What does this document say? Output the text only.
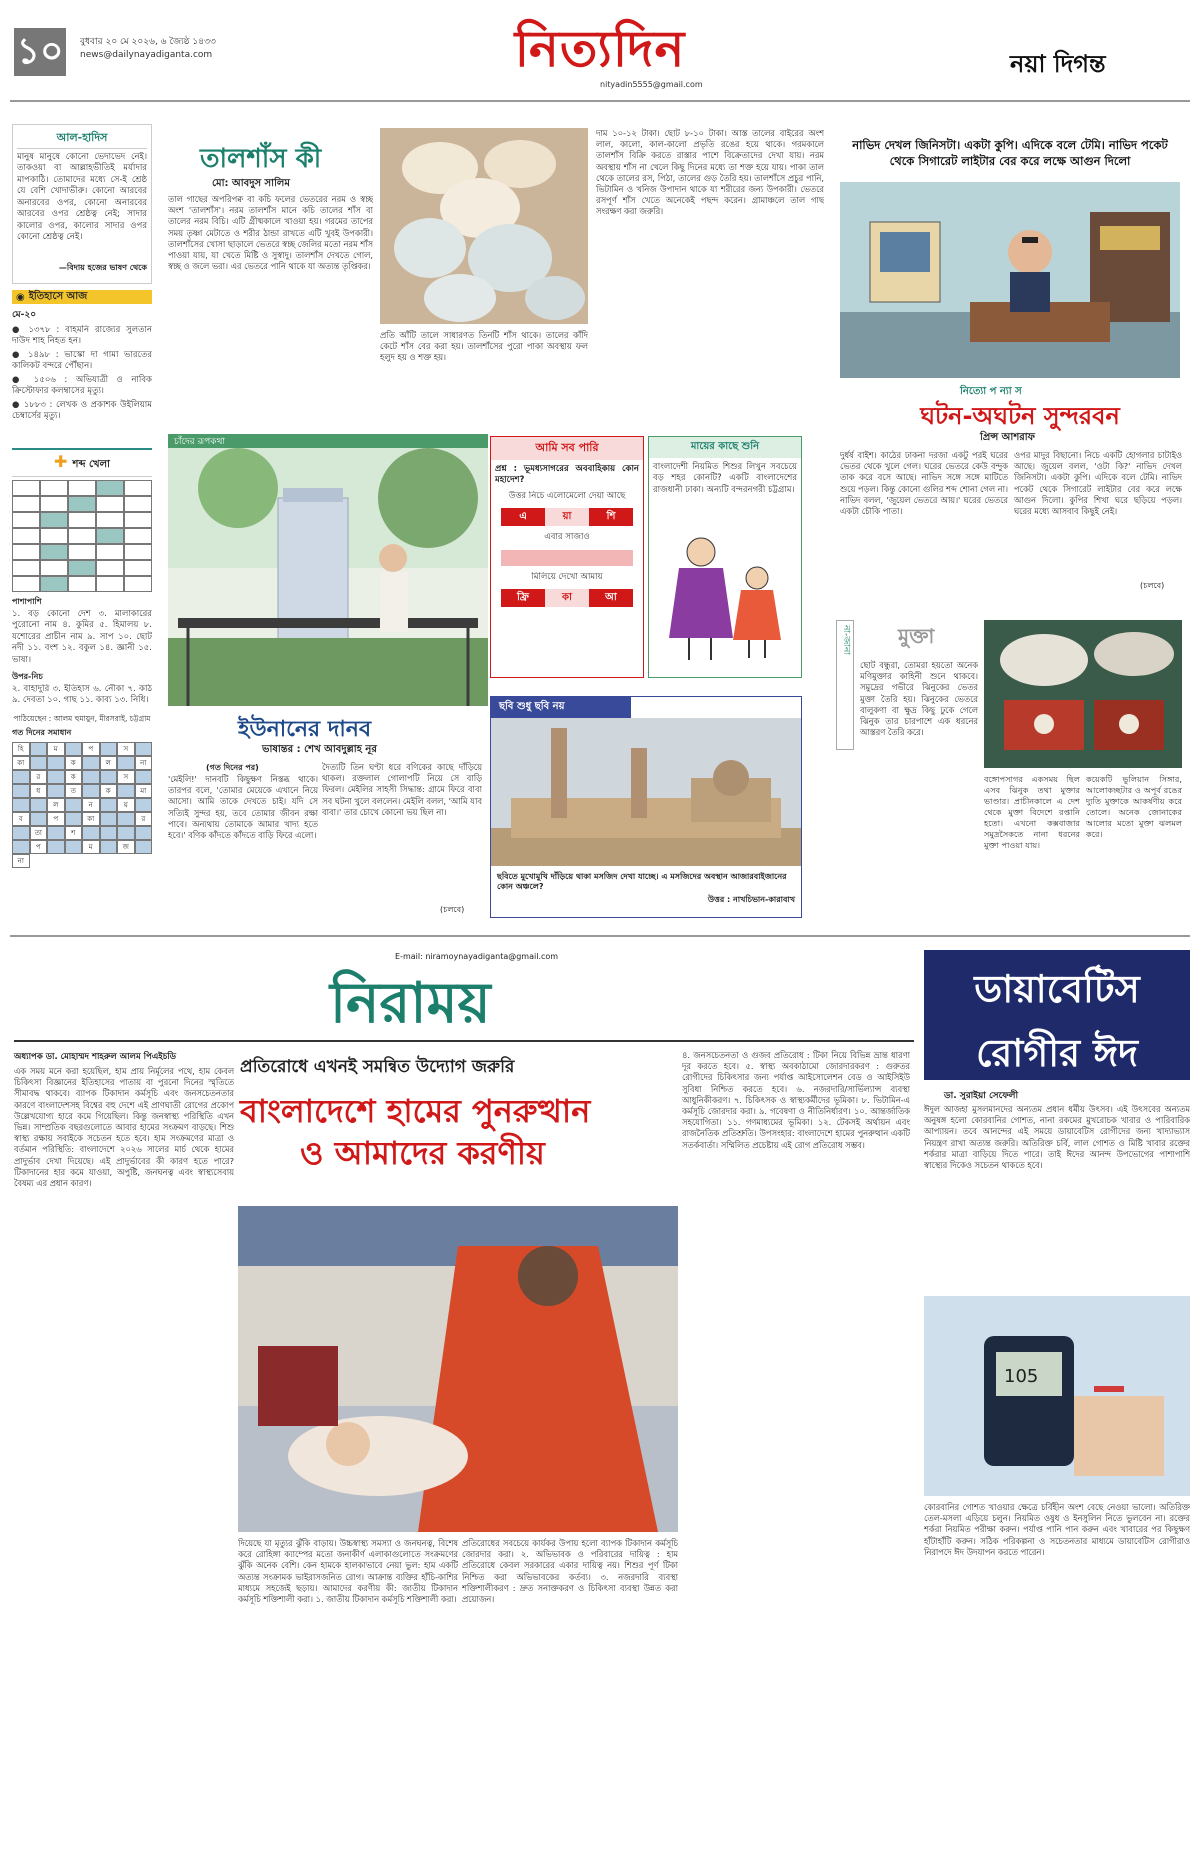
১০ বুধবার ২০ মে ২০২৬, ৬ জ্যৈষ্ঠ ১৪৩৩
news@dailynayadiganta.com	নিত্যদিন
nityadin5555@gmail.com
নয়া দিগন্ত
আল-হাদিস
মানুষ মানুষে কোনো ভেদাভেদ নেই। তাকওয়া বা আল্লাহভীতিই মর্যাদার মাপকাঠি। তোমাদের মধ্যে সে-ই শ্রেষ্ঠ যে বেশি খোদাভীরু। কোনো আরবের অনারবের ওপর, কোনো অনারবের আরবের ওপর শ্রেষ্ঠত্ব নেই; সাদার কালোর ওপর, কালোর সাদার ওপর কোনো শ্রেষ্ঠত্ব নেই।
—বিদায় হজের ভাষণ থেকে
◉ ইতিহাসে আজ
মে-২০
● ১৩৭৮ : বাহমনি রাজ্যের সুলতান দাউদ শাহ নিহত হন।
● ১৪৯৮ : ভাস্কো দা গামা ভারতের কালিকট বন্দরে পৌঁছান।
● ১৫০৬ : অভিযাত্রী ও নাবিক ক্রিস্টোফার কলম্বাসের মৃত্যু।
● ১৮৮৩ : লেখক ও প্রকাশক উইলিয়াম চেম্বার্সের মৃত্যু।
✚ শব্দ খেলা
পাশাপাশি
১. বড় কোনো দেশ ৩. মালাকারের পুরোনো নাম ৪. কুমির ৫. হিমালয় ৮. যশোরের প্রাচীন নাম ৯. সাপ ১০. ছোট নদী ১১. বংশ ১২. বকুল ১৪. জ্ঞানী ১৫. ভাষা।
উপর-নিচ
২. বাহাদুরি ৩. ইতিহাস ৬. নৌকা ৭. কাঠ ৯. দেবতা ১০. গাছ ১১. কাব্য ১৩. নিধি।
পাঠিয়েছেন : আলম হুমায়ুন, মীরসরাই, চট্টগ্রাম
গত দিনের সমাধান
হি	ম	প	স
কা	ক	ল	না
র	ক	স
ধ	ত	ক	মা
ল	ন	য়
ব	প	কা	র
তা	শ
প	ম	জ
না
তালশাঁস কী
মো: আবদুস সালিম
তাল গাছের অপরিপক্ব বা কচি ফলের ভেতরের নরম ও স্বচ্ছ অংশ 'তালশাঁস'। নরম তালশাঁস মানে কচি তালের শাঁস বা তালের নরম বিচি। এটি গ্রীষ্মকালে খাওয়া হয়। গরমের তাপের সময় তৃষ্ণা মেটাতে ও শরীর ঠান্ডা রাখতে এটি খুবই উপকারী। তালশাঁসের খোসা ছাড়ালে ভেতরে স্বচ্ছ জেলির মতো নরম শাঁস পাওয়া যায়, যা খেতে মিষ্টি ও সুস্বাদু। তালশাঁস দেখতে গোল, স্বচ্ছ ও জলে ভরা। এর ভেতরে পানি থাকে যা অত্যন্ত তৃপ্তিকর।
প্রতি আঁটি তালে সাধারণত তিনটি শাঁস থাকে। তালের কাঁদি কেটে শাঁস বের করা হয়। তালশাঁসের পুরো পাকা অবস্থায় ফল হলুদ হয় ও শক্ত হয়।
দাম ১০-১২ টাকা। ছোট ৮-১০ টাকা। আস্ত তালের বাইরের অংশ লাল, কালো, কাল-কালো প্রভৃতি রঙের হয়ে থাকে। গরমকালে তালশাঁস বিক্রি করতে রাস্তার পাশে বিক্রেতাদের দেখা যায়। নরম অবস্থায় শাঁস না খেলে কিছু দিনের মধ্যে তা শক্ত হয়ে যায়। পাকা তাল থেকে তালের রস, পিঠা, তালের গুড় তৈরি হয়। তালশাঁসে প্রচুর পানি, ভিটামিন ও খনিজ উপাদান থাকে যা শরীরের জন্য উপকারী। ভেতরে রসপূর্ণ শাঁস খেতে অনেকেই পছন্দ করেন। গ্রামাঞ্চলে তাল গাছ সংরক্ষণ করা জরুরি।
নাভিদ দেখল জিনিসটা। একটা কুপি। এদিকে বলে টেমি। নাভিদ পকেট থেকে সিগারেট লাইটার বের করে লক্ষে আগুন দিলো
নিত্যো প ন্যা স
ঘটন-অঘটন সুন্দরবন
প্রিন্স আশরাফ
দুর্ধর্ষ বাইশ। কাঠের ঢাকনা দরজা একটু পরই ঘরের ভেতর থেকে খুলে গেল। ঘরের ভেতরে কেউ বন্দুক তাক করে বসে আছে। নাভিদ সঙ্গে সঙ্গে মাটিতে শুয়ে পড়ল। কিন্তু কোনো গুলির শব্দ শোনা গেল না। নাভিদ বলল, 'জুয়েল ভেতরে আয়।' ঘরের ভেতরে একটা চৌকি পাতা।
ওপর মাদুর বিছানো। নিচে একটি হোগলার চাটাইও আছে। জুয়েল বলল, 'ওটা কি?' নাভিদ দেখল জিনিসটা। একটা কুপি। এদিকে বলে টেমি। নাভিদ পকেট থেকে সিগারেট লাইটার বের করে লক্ষে আগুন দিলো। কুপির শিখা ঘরে ছড়িয়ে পড়ল। ঘরের মধ্যে আসবাব কিছুই নেই।
(চলবে)
চাঁদের রূপকথা
ইউনানের দানব
ভাষান্তর : শেখ আবদুল্লাহ নূর
(গত দিনের পর)
'মেইলি!' দানবটি কিছুক্ষণ নিস্তব্ধ থাকে। তারপর বলে, 'তোমার মেয়েকে এখানে নিয়ে আসো। আমি তাকে দেখতে চাই। যদি সে সত্যিই সুন্দর হয়, তবে তোমার জীবন রক্ষা পাবে। অন্যথায় তোমাকে আমার খাদ্য হতে হবে।' বণিক কাঁদতে কাঁদতে বাড়ি ফিরে এলো।
দৈত্যটি তিন ঘণ্টা ধরে বণিকের কাছে দাঁড়িয়ে থাকল। রক্তলাল গোলাপটি নিয়ে সে বাড়ি ফিরল। মেইলির সাহসী সিদ্ধান্ত: গ্রামে ফিরে বাবা সব ঘটনা খুলে বললেন। মেইলি বলল, 'আমি যাব বাবা।' তার চোখে কোনো ভয় ছিল না।
(চলবে)
আমি সব পারি
প্রশ্ন : ভূমধ্যসাগরের অববাহিকায় কোন মহাদেশ?
উত্তর নিচে এলোমেলো দেয়া আছে
এ	য়া	শি
এবার সাজাও
মিলিয়ে দেখো আমায়
ফ্রি	কা	আ
মায়ের কাছে শুনি
বাংলাদেশী নিয়মিত শিশুর লিখুন সবচেয়ে বড় শহর কোনটি? একটি বাংলাদেশের রাজধানী ঢাকা। অন্যটি বন্দরনগরী চট্টগ্রাম।
ছবি শুধু ছবি নয়
ছবিতে মুখোমুখি দাঁড়িয়ে থাকা মসজিদ দেখা যাচ্ছে। এ মসজিদের অবস্থান আজারবাইজানের কোন অঞ্চলে?
উত্তর : নাখচিভান-কারাবাখ
না-জানা মুক্তা
ছোট বন্ধুরা, তোমরা হয়তো অনেক মণিমুক্তার কাহিনী শুনে থাকবে। সমুদ্রের গভীরে ঝিনুকের ভেতর মুক্তা তৈরি হয়। ঝিনুকের ভেতরে বালুকণা বা ক্ষুদ্র কিছু ঢুকে গেলে ঝিনুক তার চারপাশে এক ধরনের আস্তরণ তৈরি করে।
বঙ্গোপসাগর একসময় ছিল এসব ঝিনুক তথা মুক্তার ভাণ্ডার। প্রাচীনকালে এ দেশ থেকে মুক্তা বিদেশে রপ্তানি হতো। এখনো কক্সবাজার সমুদ্রসৈকতে নানা ধরনের মুক্তা পাওয়া যায়।
কয়েকটি ভুলিয়ান সিঙ্গার, আলোকচ্ছটার ও অপূর্ব রঙের দ্যুতি মুক্তাকে আকর্ষণীয় করে তোলে। অনেক জোনাকের আলোর মতো মুক্তা ঝলমল করে।
E-mail: niramoynayadiganta@gmail.com
নিরাময়
অধ্যাপক ডা. মোহাম্মদ শাহরুল আলম পিএইচডি
এক সময় মনে করা হয়েছিল, হাম প্রায় নির্মূলের পথে, হাম কেবল চিকিৎসা বিজ্ঞানের ইতিহাসের পাতায় বা পুরনো দিনের স্মৃতিতে সীমাবদ্ধ থাকবে। ব্যাপক টিকাদান কর্মসূচি এবং জনসচেতনতার কারণে বাংলাদেশসহ বিশ্বের বহু দেশে এই প্রাণঘাতী রোগের প্রকোপ উল্লেখযোগ্য হারে কমে গিয়েছিল। কিন্তু জনস্বাস্থ্য পরিস্থিতি এখন ভিন্ন। সাম্প্রতিক বছরগুলোতে আবার হামের সংক্রমণ বাড়ছে। শিশু স্বাস্থ্য রক্ষায় সবাইকে সচেতন হতে হবে। হাম সংক্রমণের মাত্রা ও বর্তমান পরিস্থিতি: বাংলাদেশে ২০২৬ সালের মার্চ থেকে হামের প্রাদুর্ভাব দেখা দিয়েছে। এই প্রাদুর্ভাবের কী কারণ হতে পারে? টিকাদানের হার কমে যাওয়া, অপুষ্টি, জনঘনত্ব এবং স্বাস্থ্যসেবায় বৈষম্য এর প্রধান কারণ।
প্রতিরোধে এখনই সমন্বিত উদ্যোগ জরুরি
বাংলাদেশে হামের পুনরুত্থান
ও আমাদের করণীয়
দিয়েছে যা মৃত্যুর ঝুঁকি বাড়ায়। উচ্চস্বাস্থ্য সমস্যা ও জনঘনত্ব, বিশেষ করে রোহিঙ্গা ক্যাম্পের মতো জনাকীর্ণ এলাকাগুলোতে সংক্রমণের ঝুঁকি অনেক বেশি। কেন হামকে হালকাভাবে নেয়া ভুল: হাম একটি অত্যন্ত সংক্রামক ভাইরাসজনিত রোগ। আক্রান্ত ব্যক্তির হাঁচি-কাশির মাধ্যমে সহজেই ছড়ায়। আমাদের করণীয় কী: জাতীয় টিকাদান কর্মসূচি শক্তিশালী করা। ১. জাতীয় টিকাদান কর্মসূচি শক্তিশালী করা।
প্রতিরোধের সবচেয়ে কার্যকর উপায় হলো ব্যাপক টিকাদান কর্মসূচি জোরদার করা। ২. অভিভাবক ও পরিবারের দায়িত্ব : হাম প্রতিরোধে কেবল সরকারের একার দায়িত্ব নয়। শিশুর পূর্ণ টিকা নিশ্চিত করা অভিভাবকের কর্তব্য। ৩. নজরদারি ব্যবস্থা শক্তিশালীকরণ : দ্রুত সনাক্তকরণ ও চিকিৎসা ব্যবস্থা উন্নত করা প্রয়োজন।
৪. জনসচেতনতা ও গুজব প্রতিরোধ : টিকা নিয়ে বিভিন্ন ভ্রান্ত ধারণা দূর করতে হবে। ৫. স্বাস্থ্য অবকাঠামো জোরদারকরণ : গুরুতর রোগীদের চিকিৎসার জন্য পর্যাপ্ত আইসোলেশন বেড ও আইসিইউ সুবিধা নিশ্চিত করতে হবে। ৬. নজরদারি/সার্ভিল্যান্স ব্যবস্থা আধুনিকীকরণ। ৭. চিকিৎসক ও স্বাস্থ্যকর্মীদের ভূমিকা। ৮. ভিটামিন-এ কর্মসূচি জোরদার করা। ৯. গবেষণা ও নীতিনির্ধারণ। ১০. আন্তর্জাতিক সহযোগিতা। ১১. গণমাধ্যমের ভূমিকা। ১২. টেকসই অর্থায়ন এবং রাজনৈতিক প্রতিশ্রুতি। উপসংহার: বাংলাদেশে হামের পুনরুত্থান একটি সতর্কবার্তা। সম্মিলিত প্রচেষ্টায় এই রোগ প্রতিরোধ সম্ভব।
ডায়াবেটিস
রোগীর ঈদ
ডা. সুরাইয়া সেফেলী
ঈদুল আজহা মুসলমানদের অন্যতম প্রধান ধর্মীয় উৎসব। এই উৎসবের অন্যতম অনুষঙ্গ হলো কোরবানির গোশত, নানা রকমের মুখরোচক খাবার ও পারিবারিক আপ্যায়ন। তবে আনন্দের এই সময়ে ডায়াবেটিস রোগীদের জন্য খাদ্যাভ্যাস নিয়ন্ত্রণ রাখা অত্যন্ত জরুরি। অতিরিক্ত চর্বি, লাল গোশত ও মিষ্টি খাবার রক্তের শর্করার মাত্রা বাড়িয়ে দিতে পারে। তাই ঈদের আনন্দ উপভোগের পাশাপাশি স্বাস্থ্যের দিকেও সচেতন থাকতে হবে।
105
কোরবানির গোশত খাওয়ার ক্ষেত্রে চর্বিহীন অংশ বেছে নেওয়া ভালো। অতিরিক্ত তেল-মসলা এড়িয়ে চলুন। নিয়মিত ওষুধ ও ইনসুলিন নিতে ভুলবেন না। রক্তের শর্করা নিয়মিত পরীক্ষা করুন। পর্যাপ্ত পানি পান করুন এবং খাবারের পর কিছুক্ষণ হাঁটাহাঁটি করুন। সঠিক পরিকল্পনা ও সচেতনতার মাধ্যমে ডায়াবেটিস রোগীরাও নিরাপদে ঈদ উদযাপন করতে পারেন।
